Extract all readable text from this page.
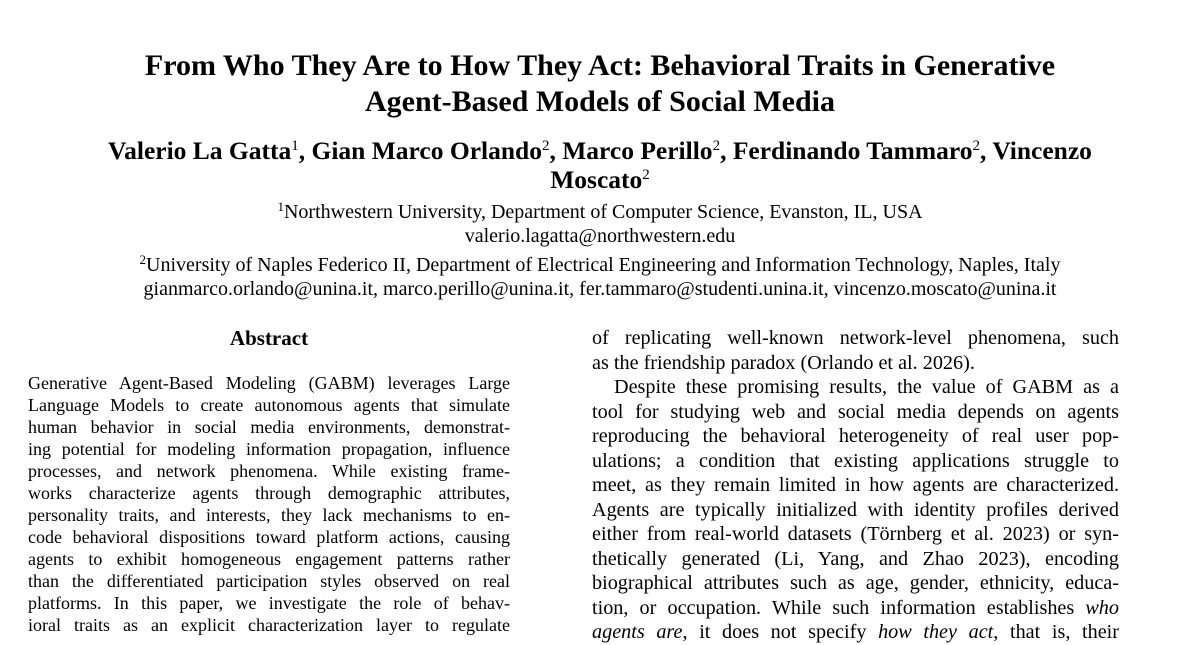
From Who They Are to How They Act: Behavioral Traits in Generative
Agent-Based Models of Social Media
Valerio La Gatta$^1$, Gian Marco Orlando$^2$, Marco Perillo$^2$, Ferdinando Tammaro$^2$, Vincenzo
Moscato$^2$
$^1$Northwestern University, Department of Computer Science, Evanston, IL, USA
valerio.lagatta@northwestern.edu
$^2$University of Naples Federico II, Department of Electrical Engineering and Information Technology, Naples, Italy
gianmarco.orlando@unina.it, marco.perillo@unina.it, fer.tammaro@studenti.unina.it, vincenzo.moscato@unina.it
Abstract
Generative Agent-Based Modeling (GABM) leverages Large
Language Models to create autonomous agents that simulate
human behavior in social media environments, demonstrat-
ing potential for modeling information propagation, influence
processes, and network phenomena. While existing frame-
works characterize agents through demographic attributes,
personality traits, and interests, they lack mechanisms to en-
code behavioral dispositions toward platform actions, causing
agents to exhibit homogeneous engagement patterns rather
than the differentiated participation styles observed on real
platforms. In this paper, we investigate the role of behav-
ioral traits as an explicit characterization layer to regulate
of replicating well-known network-level phenomena, such
as the friendship paradox (Orlando et al. 2026).
Despite these promising results, the value of GABM as a
tool for studying web and social media depends on agents
reproducing the behavioral heterogeneity of real user pop-
ulations; a condition that existing applications struggle to
meet, as they remain limited in how agents are characterized.
Agents are typically initialized with identity profiles derived
either from real-world datasets (Törnberg et al. 2023) or syn-
thetically generated (Li, Yang, and Zhao 2023), encoding
biographical attributes such as age, gender, ethnicity, educa-
tion, or occupation. While such information establishes who
agents are, it does not specify how they act, that is, their
